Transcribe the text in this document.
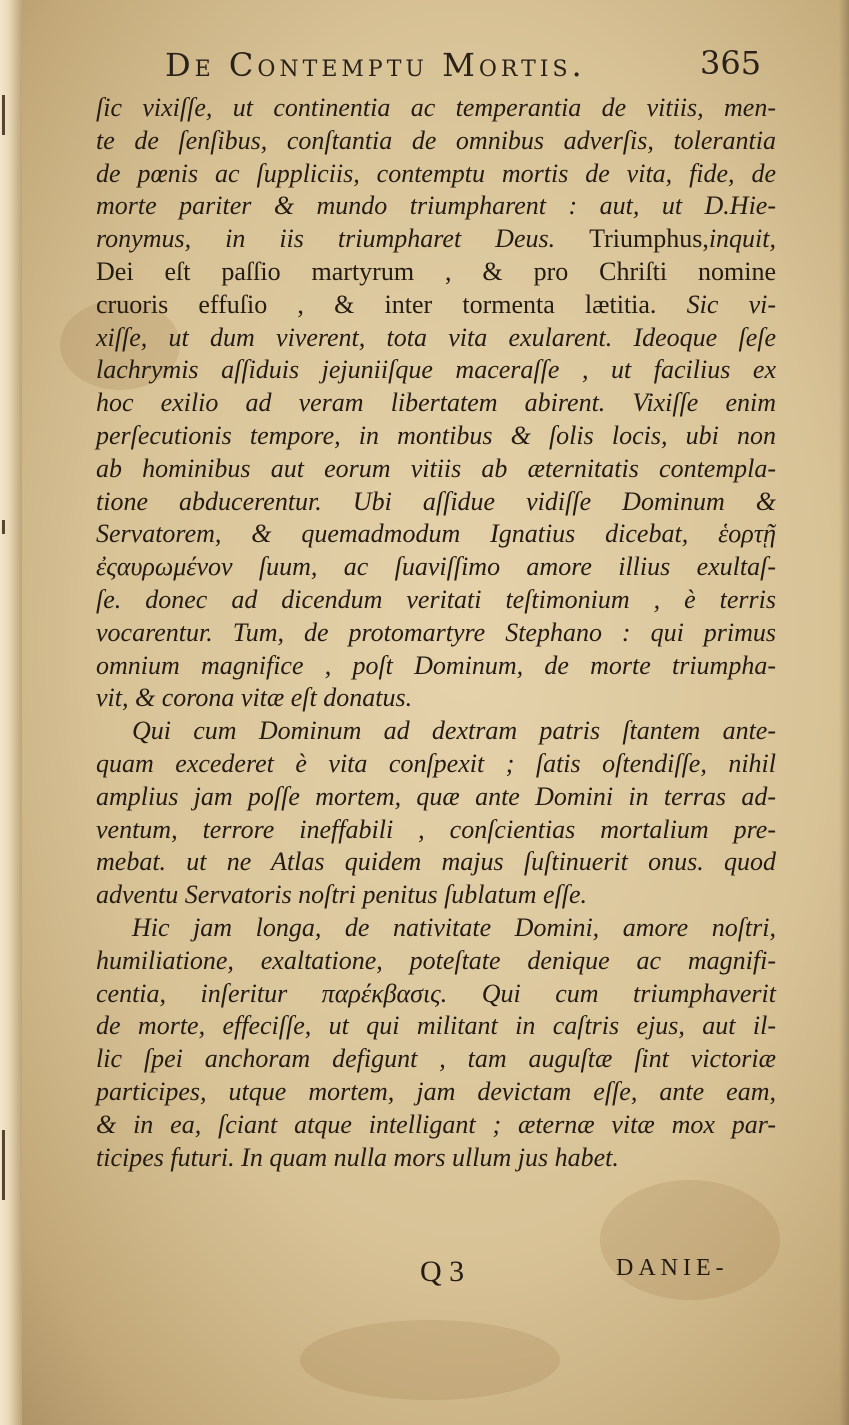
De Contemptu Mortis.	365
ſic vixiſſe, ut continentia ac temperantia de vitiis, men-
te de ſenſibus, conſtantia de omnibus adverſis, tolerantia
de pœnis ac ſuppliciis, contemptu mortis de vita, fide, de
morte pariter & mundo triumpharent : aut, ut D.Hie-
ronymus, in iis triumpharet Deus. Triumphus,inquit,
Dei eſt paſſio martyrum , & pro Chriſti nomine
cruoris effuſio , & inter tormenta lætitia. Sic vi-
xiſſe, ut dum viverent, tota vita exularent. Ideoque ſeſe
lachrymis aſſiduis jejuniiſque maceraſſe , ut facilius ex
hoc exilio ad veram libertatem abirent. Vixiſſe enim
perſecutionis tempore, in montibus & ſolis locis, ubi non
ab hominibus aut eorum vitiis ab æternitatis contempla-
tione abducerentur. Ubi aſſidue vidiſſe Dominum &
Servatorem, & quemadmodum Ignatius dicebat, ἑορτῇ
ἐςαυρωμένον ſuum, ac ſuaviſſimo amore illius exultaſ-
ſe. donec ad dicendum veritati teſtimonium , è terris
vocarentur. Tum, de protomartyre Stephano : qui primus
omnium magnifice , poſt Dominum, de morte triumpha-
vit, & corona vitæ eſt donatus.
Qui cum Dominum ad dextram patris ſtantem ante-
quam excederet è vita conſpexit ; ſatis oſtendiſſe, nihil
amplius jam poſſe mortem, quæ ante Domini in terras ad-
ventum, terrore ineffabili , conſcientias mortalium pre-
mebat. ut ne Atlas quidem majus ſuſtinuerit onus. quod
adventu Servatoris noſtri penitus ſublatum eſſe.
Hic jam longa, de nativitate Domini, amore noſtri,
humiliatione, exaltatione, poteſtate denique ac magnifi-
centia, inſeritur παρέκβασις. Qui cum triumphaverit
de morte, effeciſſe, ut qui militant in caſtris ejus, aut il-
lic ſpei anchoram defigunt , tam auguſtæ ſint victoriæ
participes, utque mortem, jam devictam eſſe, ante eam,
& in ea, ſciant atque intelligant ; æternæ vitæ mox par-
ticipes futuri. In quam nulla mors ullum jus habet.
Q 3	DANIE-
